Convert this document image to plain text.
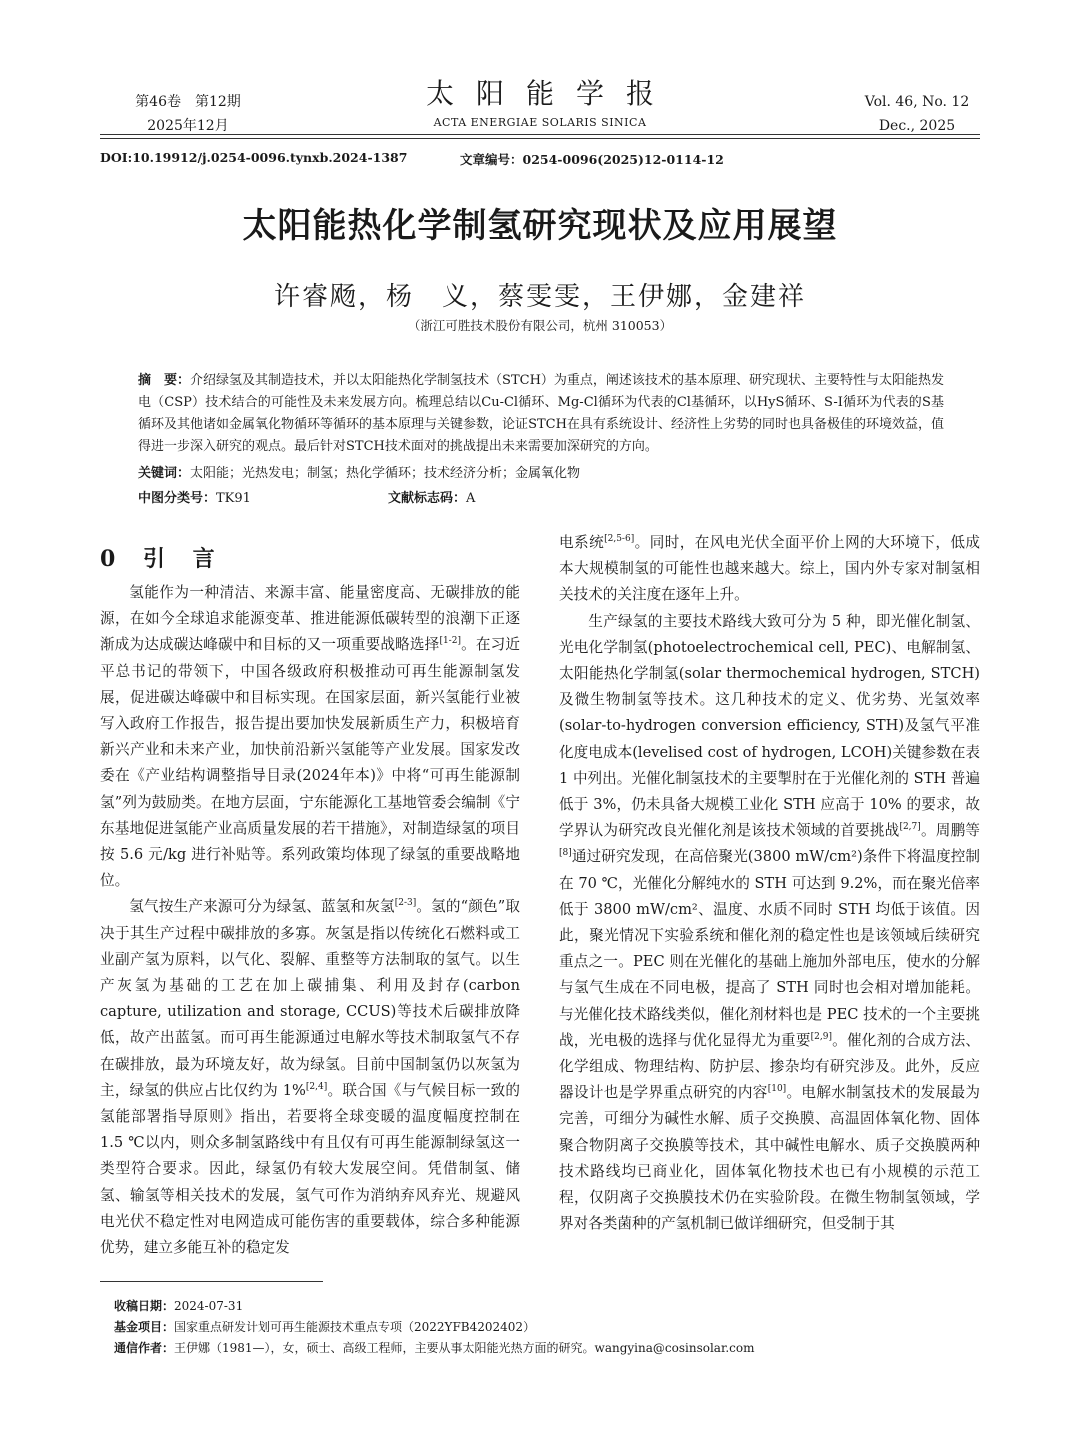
第46卷　第12期
2025年12月
太阳能学报
ACTA ENERGIAE SOLARIS SINICA
Vol. 46, No. 12
Dec., 2025
DOI:10.19912/j.0254-0096.tynxb.2024-1387	文章编号：0254-0096(2025)12-0114-12
太阳能热化学制氢研究现状及应用展望
许睿飏，杨　义，蔡雯雯，王伊娜，金建祥
（浙江可胜技术股份有限公司，杭州 310053）
摘　要：介绍绿氢及其制造技术，并以太阳能热化学制氢技术（STCH）为重点，阐述该技术的基本原理、研究现状、主要特性与太阳能热发电（CSP）技术结合的可能性及未来发展方向。梳理总结以Cu-Cl循环、Mg-Cl循环为代表的Cl基循环，以HyS循环、S-I循环为代表的S基循环及其他诸如金属氧化物循环等循环的基本原理与关键参数，论证STCH在具有系统设计、经济性上劣势的同时也具备极佳的环境效益，值得进一步深入研究的观点。最后针对STCH技术面对的挑战提出未来需要加深研究的方向。
关键词：太阳能；光热发电；制氢；热化学循环；技术经济分析；金属氧化物
中图分类号：TK91	文献标志码：A
0 引 言

氢能作为一种清洁、来源丰富、能量密度高、无碳排放的能源，在如今全球追求能源变革、推进能源低碳转型的浪潮下正逐渐成为达成碳达峰碳中和目标的又一项重要战略选择[1-2]。在习近平总书记的带领下，中国各级政府积极推动可再生能源制氢发展，促进碳达峰碳中和目标实现。在国家层面，新兴氢能行业被写入政府工作报告，报告提出要加快发展新质生产力，积极培育新兴产业和未来产业，加快前沿新兴氢能等产业发展。国家发改委在《产业结构调整指导目录(2024年本)》中将“可再生能源制氢”列为鼓励类。在地方层面，宁东能源化工基地管委会编制《宁东基地促进氢能产业高质量发展的若干措施》，对制造绿氢的项目按 5.6 元/kg 进行补贴等。系列政策均体现了绿氢的重要战略地位。

氢气按生产来源可分为绿氢、蓝氢和灰氢[2-3]。氢的“颜色”取决于其生产过程中碳排放的多寡。灰氢是指以传统化石燃料或工业副产氢为原料，以气化、裂解、重整等方法制取的氢气。以生产灰氢为基础的工艺在加上碳捕集、利用及封存(carbon capture, utilization and storage, CCUS)等技术后碳排放降低，故产出蓝氢。而可再生能源通过电解水等技术制取氢气不存在碳排放，最为环境友好，故为绿氢。目前中国制氢仍以灰氢为主，绿氢的供应占比仅约为 1%[2,4]。联合国《与气候目标一致的氢能部署指导原则》指出，若要将全球变暖的温度幅度控制在 1.5 ℃以内，则众多制氢路线中有且仅有可再生能源制绿氢这一类型符合要求。因此，绿氢仍有较大发展空间。凭借制氢、储氢、输氢等相关技术的发展，氢气可作为消纳弃风弃光、规避风电光伏不稳定性对电网造成可能伤害的重要载体，综合多种能源优势，建立多能互补的稳定发

电系统[2,5-6]。同时，在风电光伏全面平价上网的大环境下，低成本大规模制氢的可能性也越来越大。综上，国内外专家对制氢相关技术的关注度在逐年上升。

生产绿氢的主要技术路线大致可分为 5 种，即光催化制氢、光电化学制氢(photoelectrochemical cell, PEC)、电解制氢、太阳能热化学制氢(solar thermochemical hydrogen, STCH)及微生物制氢等技术。这几种技术的定义、优劣势、光氢效率(solar-to-hydrogen conversion efficiency, STH)及氢气平准化度电成本(levelised cost of hydrogen, LCOH)关键参数在表 1 中列出。光催化制氢技术的主要掣肘在于光催化剂的 STH 普遍低于 3%，仍未具备大规模工业化 STH 应高于 10% 的要求，故学界认为研究改良光催化剂是该技术领域的首要挑战[2,7]。周鹏等[8]通过研究发现，在高倍聚光(3800 mW/cm²)条件下将温度控制在 70 ℃，光催化分解纯水的 STH 可达到 9.2%，而在聚光倍率低于 3800 mW/cm²、温度、水质不同时 STH 均低于该值。因此，聚光情况下实验系统和催化剂的稳定性也是该领域后续研究重点之一。PEC 则在光催化的基础上施加外部电压，使水的分解与氢气生成在不同电极，提高了 STH 同时也会相对增加能耗。与光催化技术路线类似，催化剂材料也是 PEC 技术的一个主要挑战，光电极的选择与优化显得尤为重要[2,9]。催化剂的合成方法、化学组成、物理结构、防护层、掺杂均有研究涉及。此外，反应器设计也是学界重点研究的内容[10]。电解水制氢技术的发展最为完善，可细分为碱性水解、质子交换膜、高温固体氧化物、固体聚合物阴离子交换膜等技术，其中碱性电解水、质子交换膜两种技术路线均已商业化，固体氧化物技术也已有小规模的示范工程，仅阴离子交换膜技术仍在实验阶段。在微生物制氢领域，学界对各类菌种的产氢机制已做详细研究，但受制于其

收稿日期：2024-07-31
基金项目：国家重点研发计划可再生能源技术重点专项（2022YFB4202402）
通信作者：王伊娜（1981—），女，硕士、高级工程师，主要从事太阳能光热方面的研究。wangyina@cosinsolar.com
